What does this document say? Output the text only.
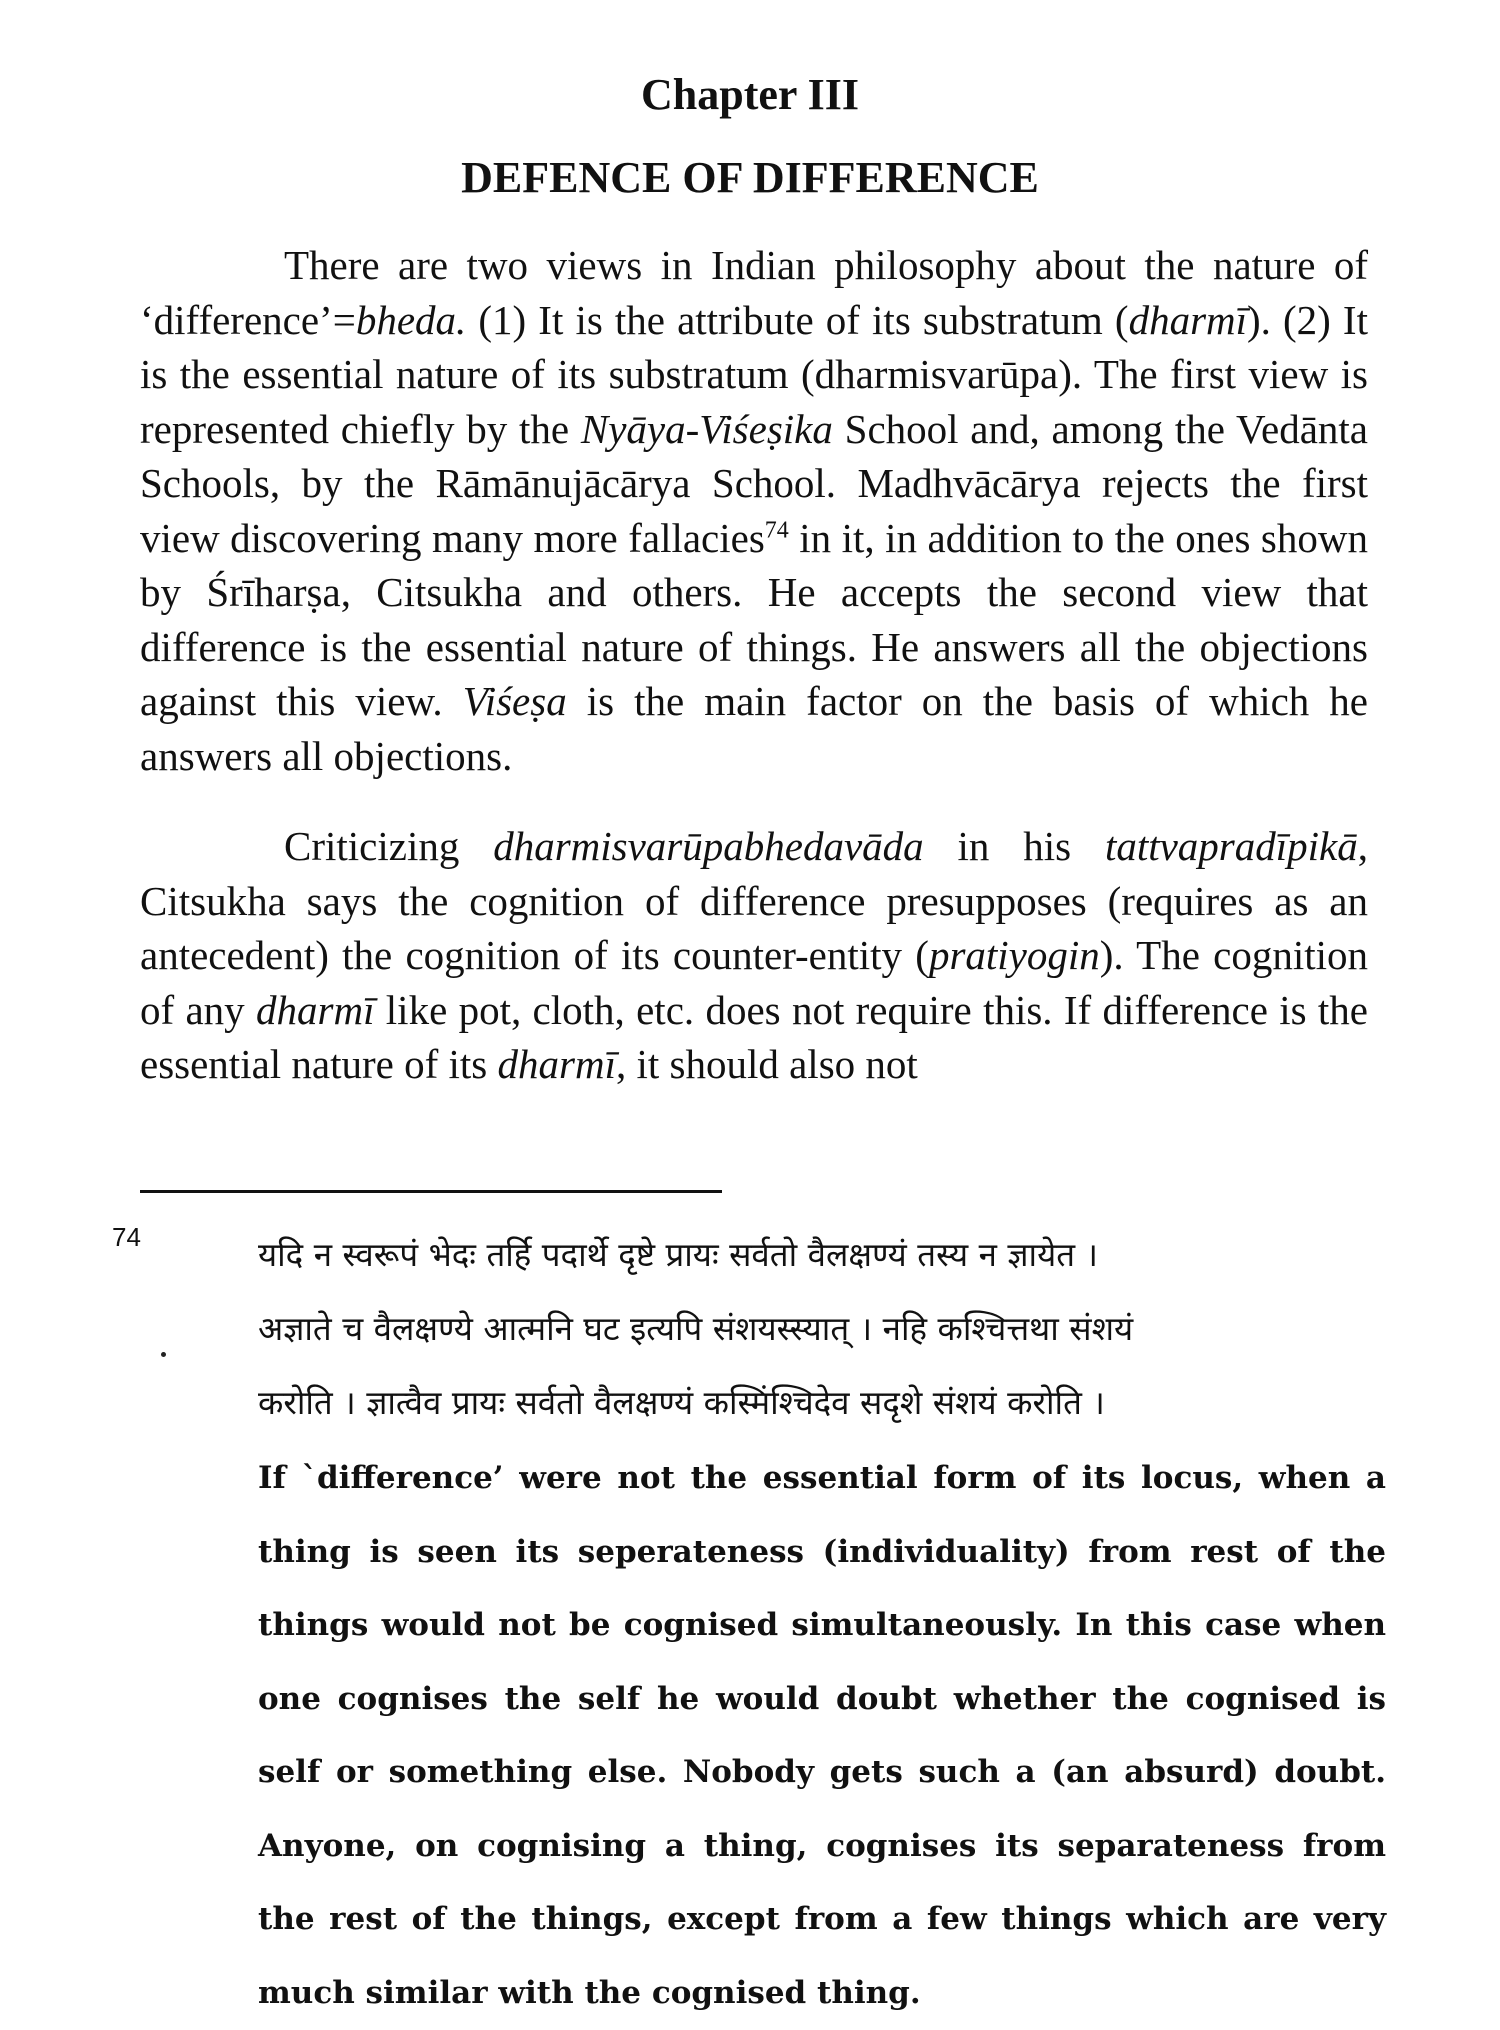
Chapter III
DEFENCE OF DIFFERENCE

There are two views in Indian philosophy about the nature of ‘difference’=bheda. (1) It is the attribute of its substratum (dharmī). (2) It is the essential nature of its substratum (dharmisvarūpa). The first view is represented chiefly by the Nyāya-Viśeṣika School and, among the Vedānta Schools, by the Rāmānujācārya School. Madhvācārya rejects the first view discovering many more fallacies$^{74}$ in it, in addition to the ones shown by Śrīharṣa, Citsukha and others. He accepts the second view that difference is the essential nature of things. He answers all the objections against this view. Viśeṣa is the main factor on the basis of which he answers all objections.

Criticizing dharmisvarūpabhedavāda in his tattvapradīpikā, Citsukha says the cognition of difference presupposes (requires as an antecedent) the cognition of its counter-entity (pratiyogin). The cognition of any dharmī like pot, cloth, etc. does not require this. If difference is the essential nature of its dharmī, it should also not

74	यदि न स्वरूपं भेदः तर्हि पदार्थे दृष्टे प्रायः सर्वतो वैलक्षण्यं तस्य न ज्ञायेत ।
अज्ञाते च वैलक्षण्ये आत्मनि घट इत्यपि संशयस्स्यात् । नहि कश्चित्तथा संशयं
करोति । ज्ञात्वैव प्रायः सर्वतो वैलक्षण्यं कस्मिंश्चिदेव सदृशे संशयं करोति ।
If `difference’ were not the essential form of its locus, when a thing is seen its seperateness (individuality) from rest of the things would not be cognised simultaneously. In this case when one cognises the self he would doubt whether the cognised is self or something else. Nobody gets such a (an absurd) doubt. Anyone, on cognising a thing, cognises its separateness from the rest of the things, except from a few things which are very much similar with the cognised thing.
